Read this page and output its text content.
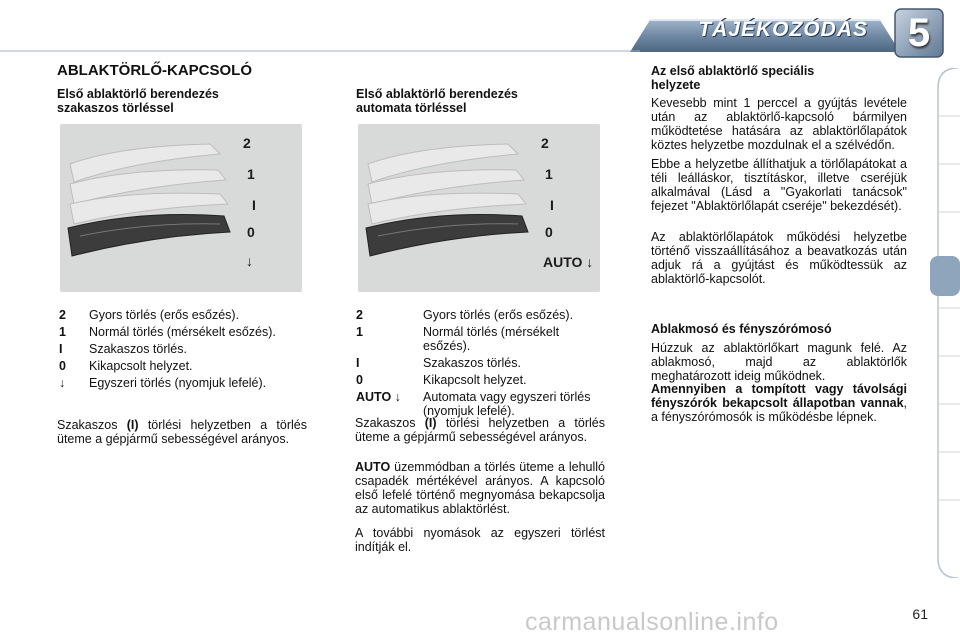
TÁJÉKOZÓDÁS 5
ABLAKTÖRLŐ-KAPCSOLÓ
Első ablaktörlő berendezés
szakaszos törléssel
2
1
I
0
↓
2 Gyors törlés (erős esőzés).
1 Normál törlés (mérsékelt esőzés).
I Szakaszos törlés.
0 Kikapcsolt helyzet.
↓ Egyszeri törlés (nyomjuk lefelé).
Szakaszos (I) törlési helyzetben a törlés üteme a gépjármű sebességével arányos.
Első ablaktörlő berendezés
automata törléssel
2
1
I
0
AUTO ↓
2	Gyors törlés (erős esőzés).
1	Normál törlés (mérsékelt esőzés).
I	Szakaszos törlés.
0	Kikapcsolt helyzet.
AUTO ↓ Automata vagy egyszeri törlés (nyomjuk lefelé).
Szakaszos (I) törlési helyzetben a törlés üteme a gépjármű sebességével arányos.
AUTO üzemmódban a törlés üteme a lehulló csapadék mértékével arányos. A kapcsoló első lefelé történő megnyomása bekapcsolja az automatikus ablaktörlést.
A további nyomások az egyszeri törlést indítják el.
Az első ablaktörlő speciális
helyzete
Kevesebb mint 1 perccel a gyújtás levétele után az ablaktörlő-kapcsoló bármilyen működtetése hatására az ablaktörlőlapátok köztes helyzetbe mozdulnak el a szélvédőn.
Ebbe a helyzetbe állíthatjuk a törlőlapátokat a téli leálláskor, tisztításkor, illetve cseréjük alkalmával (Lásd a "Gyakorlati tanácsok" fejezet "Ablaktörlőlapát cseréje" bekezdését).
Az ablaktörlőlapátok működési helyzetbe történő visszaállításához a beavatkozás után adjuk rá a gyújtást és működtessük az ablaktörlő-kapcsolót.
Ablakmosó és fényszórómosó
Húzzuk az ablaktörlőkart magunk felé. Az ablakmosó, majd az ablaktörlők meghatározott ideig működnek.
Amennyiben a tompított vagy távolsági fényszórók bekapcsolt állapotban vannak, a fényszórómosók is működésbe lépnek.
carmanualsonline.info	61
